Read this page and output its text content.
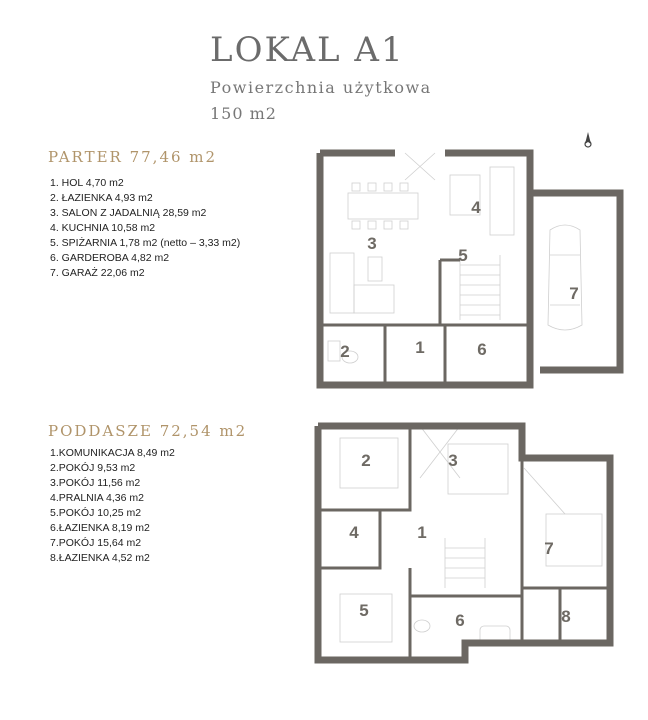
LOKAL A1
Powierzchnia użytkowa
150 m2
PARTER 77,46 m2
1. HOL 4,70 m2
2. ŁAZIENKA 4,93 m2
3. SALON Z JADALNIĄ 28,59 m2
4. KUCHNIA 10,58 m2
5. SPIŻARNIA 1,78 m2 (netto – 3,33 m2)
6. GARDEROBA 4,82 m2
7. GARAŻ 22,06 m2
PODDASZE 72,54 m2
1.KOMUNIKACJA 8,49 m2
2.POKÓJ 9,53 m2
3.POKÓJ 11,56 m2
4.PRALNIA 4,36 m2
5.POKÓJ 10,25 m2
6.ŁAZIENKA 8,19 m2
7.POKÓJ 15,64 m2
8.ŁAZIENKA 4,52 m2
1
2
3
4
5
6
7
1
2	3
4
5
6
7
8
